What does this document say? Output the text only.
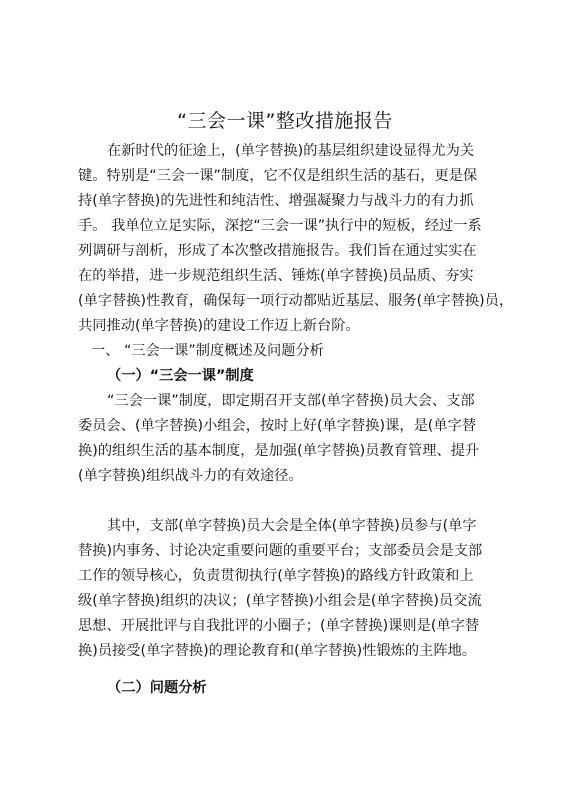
“三会一课”整改措施报告
在新时代的征途上，(单字替换)的基层组织建设显得尤为关
键。特别是“三会一课”制度，它不仅是组织生活的基石，更是保
持(单字替换)的先进性和纯洁性、增强凝聚力与战斗力的有力抓
手。 我单位立足实际，深挖“三会一课”执行中的短板，经过一系
列调研与剖析，形成了本次整改措施报告。我们旨在通过实实在
在的举措，进一步规范组织生活、锤炼(单字替换)员品质、夯实
(单字替换)性教育，确保每一项行动都贴近基层、服务(单字替换)员，
共同推动(单字替换)的建设工作迈上新台阶。
一、 “三会一课”制度概述及问题分析
（一）“三会一课”制度
“三会一课”制度，即定期召开支部(单字替换)员大会、支部
委员会、(单字替换)小组会，按时上好(单字替换)课，是(单字替
换)的组织生活的基本制度，是加强(单字替换)员教育管理、提升
(单字替换)组织战斗力的有效途径。
其中，支部(单字替换)员大会是全体(单字替换)员参与(单字
替换)内事务、讨论决定重要问题的重要平台；支部委员会是支部
工作的领导核心，负责贯彻执行(单字替换)的路线方针政策和上
级(单字替换)组织的决议；(单字替换)小组会是(单字替换)员交流
思想、开展批评与自我批评的小圈子；(单字替换)课则是(单字替
换)员接受(单字替换)的理论教育和(单字替换)性锻炼的主阵地。
（二）问题分析
